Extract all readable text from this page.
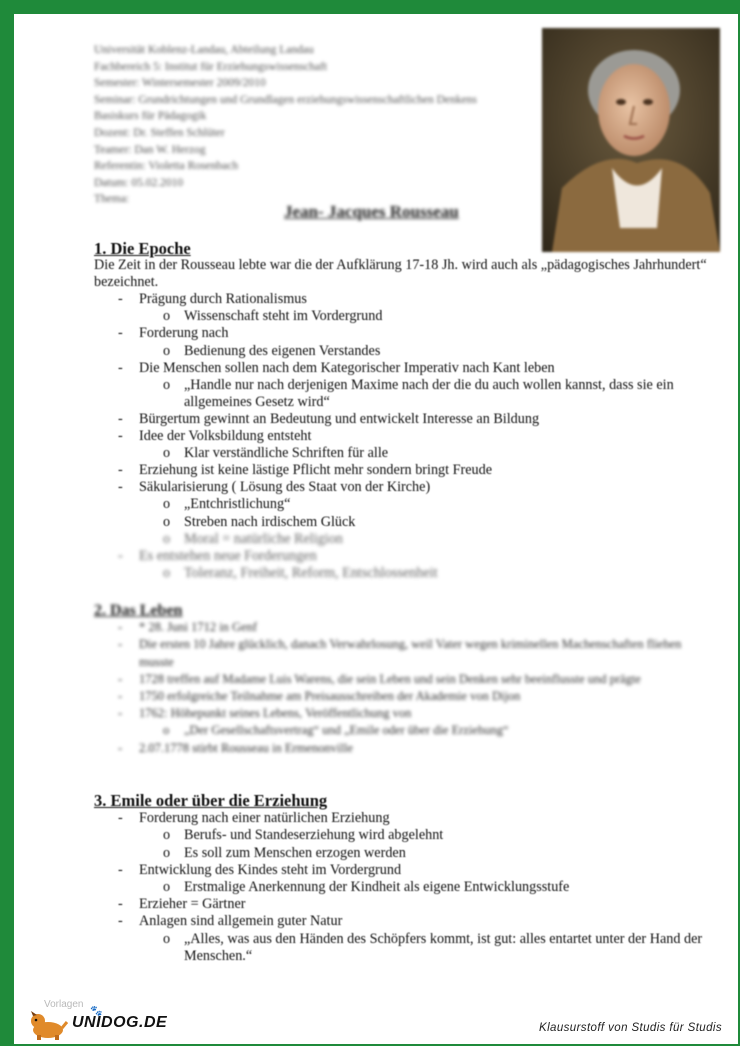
Universität Koblenz-Landau, Abteilung Landau
Fachbereich 5: Institut für Erziehungswissenschaft
Semester: Wintersemester 2009/2010
Seminar: Grundrichtungen und Grundlagen erziehungswissenschaftlichen Denkens
Basiskurs für Pädagogik
Dozent: Dr. Steffen Schlüter
Teamer: Dan W. Herzog
Referentin: Violetta Rosenbach
Datum: 05.02.2010
Thema:
Jean- Jacques Rousseau
1. Die Epoche

Die Zeit in der Rousseau lebte war die der Aufklärung 17-18 Jh. wird auch als „pädagogisches Jahrhundert“ bezeichnet.

- Prägung durch Rationalismus
o Wissenschaft steht im Vordergrund
- Forderung nach
o Bedienung des eigenen Verstandes
- Die Menschen sollen nach dem Kategorischer Imperativ nach Kant leben
o „Handle nur nach derjenigen Maxime nach der die du auch wollen kannst, dass sie ein allgemeines Gesetz wird“
- Bürgertum gewinnt an Bedeutung und entwickelt Interesse an Bildung
- Idee der Volksbildung entsteht
o Klar verständliche Schriften für alle
- Erziehung ist keine lästige Pflicht mehr sondern bringt Freude
- Säkularisierung ( Lösung des Staat von der Kirche)
o „Entchristlichung“
o Streben nach irdischem Glück
o Moral = natürliche Religion
- Es entstehen neue Forderungen
o Toleranz, Freiheit, Reform, Entschlossenheit
2. Das Leben
- * 28. Juni 1712 in Genf
- Die ersten 10 Jahre glücklich, danach Verwahrlosung, weil Vater wegen kriminellen Machenschaften fliehen musste
- 1728 treffen auf Madame Luis Warens, die sein Leben und sein Denken sehr beeinflusste und prägte
- 1750 erfolgreiche Teilnahme am Preisausschreiben der Akademie von Dijon
- 1762: Höhepunkt seines Lebens, Veröffentlichung von
o „Der Gesellschaftsvertrag“ und „Emile oder über die Erziehung“
- 2.07.1778 stirbt Rousseau in Ermenonville
3. Emile oder über die Erziehung
- Forderung nach einer natürlichen Erziehung
o Berufs- und Standeserziehung wird abgelehnt
o Es soll zum Menschen erzogen werden
- Entwicklung des Kindes steht im Vordergrund
o Erstmalige Anerkennung der Kindheit als eigene Entwicklungsstufe
- Erzieher = Gärtner
- Anlagen sind allgemein guter Natur
o „Alles, was aus den Händen des Schöpfers kommt, ist gut: alles entartet unter der Hand der Menschen.“
Vorlagen
🐾
UNIDOG.DE	Klausurstoff von Studis für Studis
